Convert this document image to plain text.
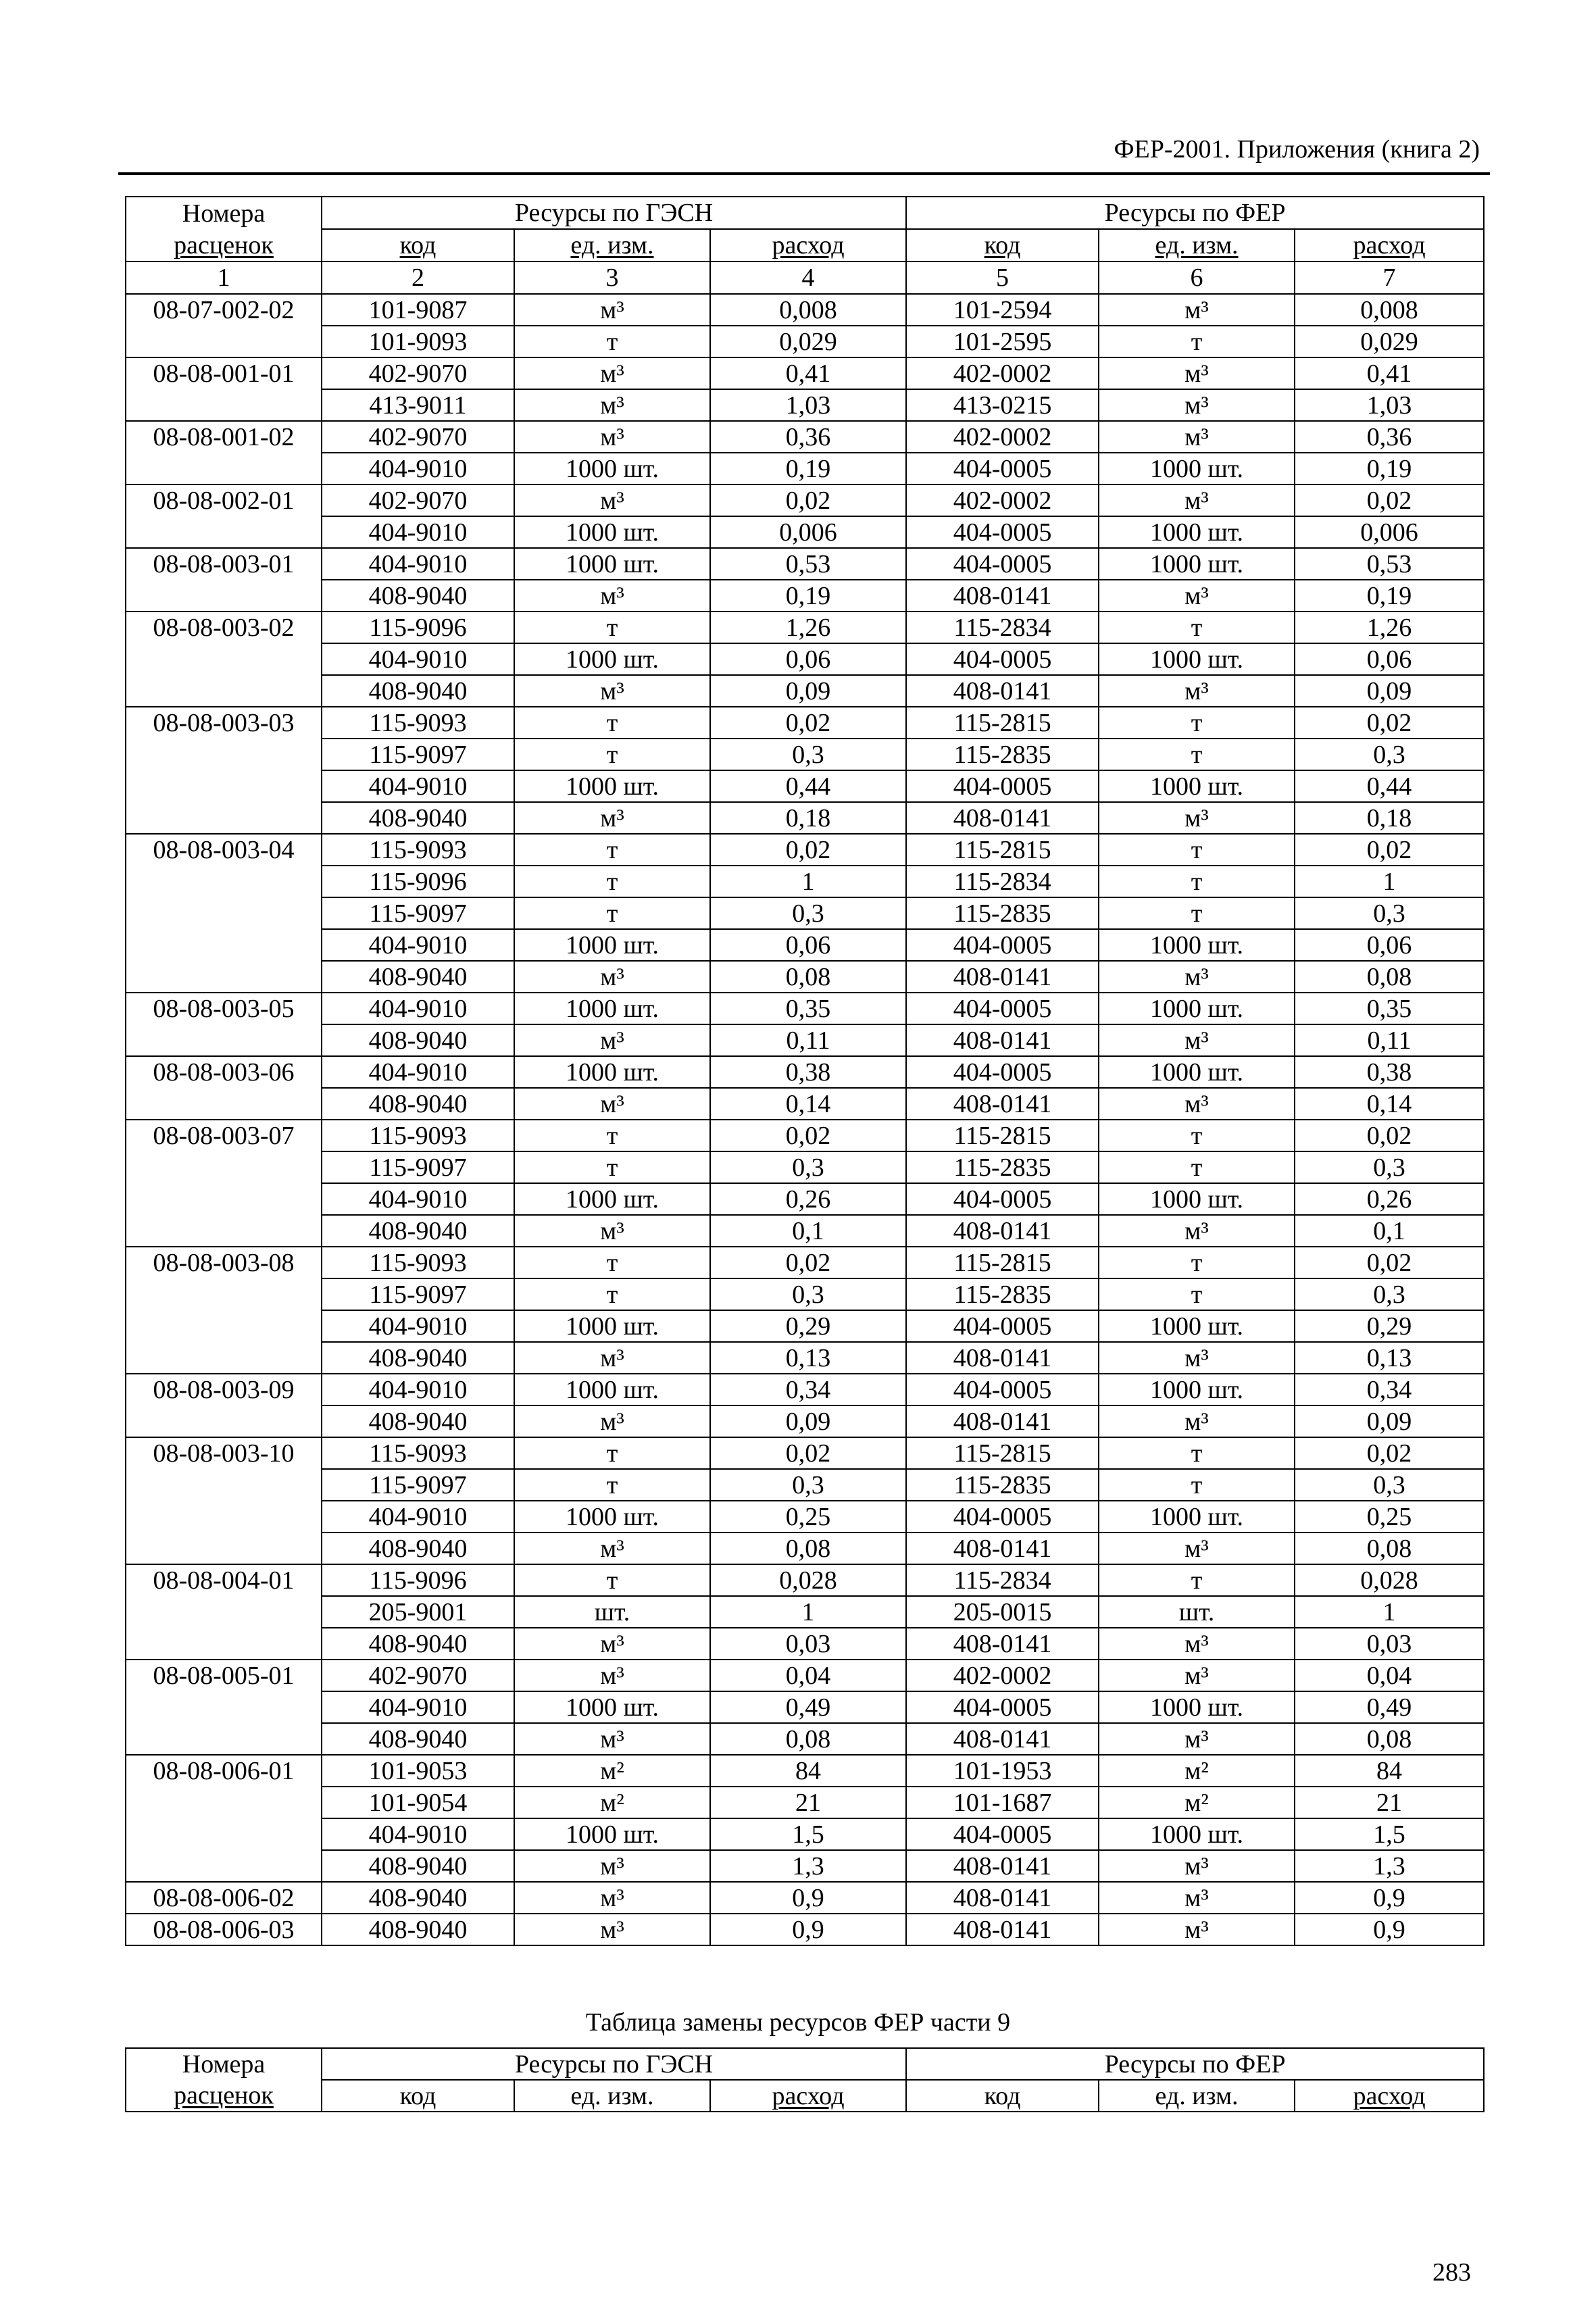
ФЕР-2001. Приложения (книга 2)
Номера	Ресурсы по ГЭСН			Ресурсы по ФЕР		
расценок	код	ед. изм.	расход	код	ед. изм.	расход
1	2	3	4	5	6	7
08-07-002-02	101-9087	м³	0,008	101-2594	м³	0,008
	101-9093	т	0,029	101-2595	т	0,029
08-08-001-01	402-9070	м³	0,41	402-0002	м³	0,41
	413-9011	м³	1,03	413-0215	м³	1,03
08-08-001-02	402-9070	м³	0,36	402-0002	м³	0,36
	404-9010	1000 шт.	0,19	404-0005	1000 шт.	0,19
08-08-002-01	402-9070	м³	0,02	402-0002	м³	0,02
	404-9010	1000 шт.	0,006	404-0005	1000 шт.	0,006
08-08-003-01	404-9010	1000 шт.	0,53	404-0005	1000 шт.	0,53
	408-9040	м³	0,19	408-0141	м³	0,19
08-08-003-02	115-9096	т	1,26	115-2834	т	1,26
	404-9010	1000 шт.	0,06	404-0005	1000 шт.	0,06
	408-9040	м³	0,09	408-0141	м³	0,09
08-08-003-03	115-9093	т	0,02	115-2815	т	0,02
	115-9097	т	0,3	115-2835	т	0,3
	404-9010	1000 шт.	0,44	404-0005	1000 шт.	0,44
	408-9040	м³	0,18	408-0141	м³	0,18
08-08-003-04	115-9093	т	0,02	115-2815	т	0,02
	115-9096	т	1	115-2834	т	1
	115-9097	т	0,3	115-2835	т	0,3
	404-9010	1000 шт.	0,06	404-0005	1000 шт.	0,06
	408-9040	м³	0,08	408-0141	м³	0,08
08-08-003-05	404-9010	1000 шт.	0,35	404-0005	1000 шт.	0,35
	408-9040	м³	0,11	408-0141	м³	0,11
08-08-003-06	404-9010	1000 шт.	0,38	404-0005	1000 шт.	0,38
	408-9040	м³	0,14	408-0141	м³	0,14
08-08-003-07	115-9093	т	0,02	115-2815	т	0,02
	115-9097	т	0,3	115-2835	т	0,3
	404-9010	1000 шт.	0,26	404-0005	1000 шт.	0,26
	408-9040	м³	0,1	408-0141	м³	0,1
08-08-003-08	115-9093	т	0,02	115-2815	т	0,02
	115-9097	т	0,3	115-2835	т	0,3
	404-9010	1000 шт.	0,29	404-0005	1000 шт.	0,29
	408-9040	м³	0,13	408-0141	м³	0,13
08-08-003-09	404-9010	1000 шт.	0,34	404-0005	1000 шт.	0,34
	408-9040	м³	0,09	408-0141	м³	0,09
08-08-003-10	115-9093	т	0,02	115-2815	т	0,02
	115-9097	т	0,3	115-2835	т	0,3
	404-9010	1000 шт.	0,25	404-0005	1000 шт.	0,25
	408-9040	м³	0,08	408-0141	м³	0,08
08-08-004-01	115-9096	т	0,028	115-2834	т	0,028
	205-9001	шт.	1	205-0015	шт.	1
	408-9040	м³	0,03	408-0141	м³	0,03
08-08-005-01	402-9070	м³	0,04	402-0002	м³	0,04
	404-9010	1000 шт.	0,49	404-0005	1000 шт.	0,49
	408-9040	м³	0,08	408-0141	м³	0,08
08-08-006-01	101-9053	м²	84	101-1953	м²	84
	101-9054	м²	21	101-1687	м²	21
	404-9010	1000 шт.	1,5	404-0005	1000 шт.	1,5
	408-9040	м³	1,3	408-0141	м³	1,3
08-08-006-02	408-9040	м³	0,9	408-0141	м³	0,9
08-08-006-03	408-9040	м³	0,9	408-0141	м³	0,9
Таблица замены ресурсов ФЕР части 9
Номера	Ресурсы по ГЭСН			Ресурсы по ФЕР		
расценок	код	ед. изм.	расход	код	ед. изм.	расход
283
